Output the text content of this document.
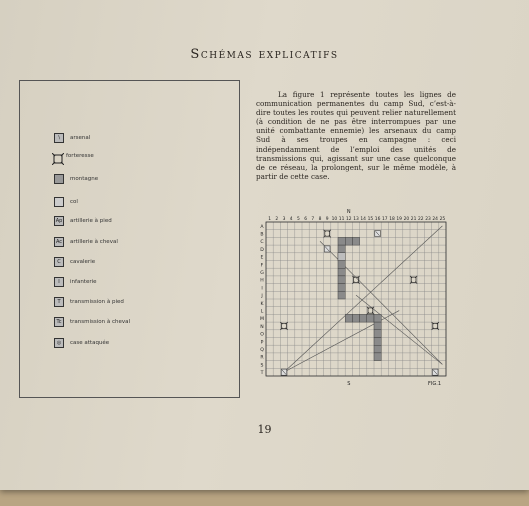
Schémas explicatifs
∖	arsenal
forteresse
montagne
col
Ap artillerie à pied
Ac artillerie à cheval
C	cavalerie
I	infanterie
T	transmission à pied
Tc transmission à cheval
◎	case attaquée

La figure 1 représente toutes les lignes de communication permanentes du camp Sud, c’est-à-dire toutes les routes qui peuvent relier naturellement (à condition de ne pas être interrompues par une unité combattante ennemie) les arsenaux du camp Sud à ses troupes en campagne : ceci indépendamment de l’emploi des unités de transmissions qui, agissant sur une case quelconque de ce réseau, la prolongent, sur le même modèle, à partir de cette case.

N
1 2 3 4 5 6 7 8 9 10 11 12 13 14 15 16 17 18 19 20 21 22 23 24 25
A
B
C
D
E
F
G
H
I
J
K
L
M
N
O
P
Q
R
S
T
S	FIG.1
19
